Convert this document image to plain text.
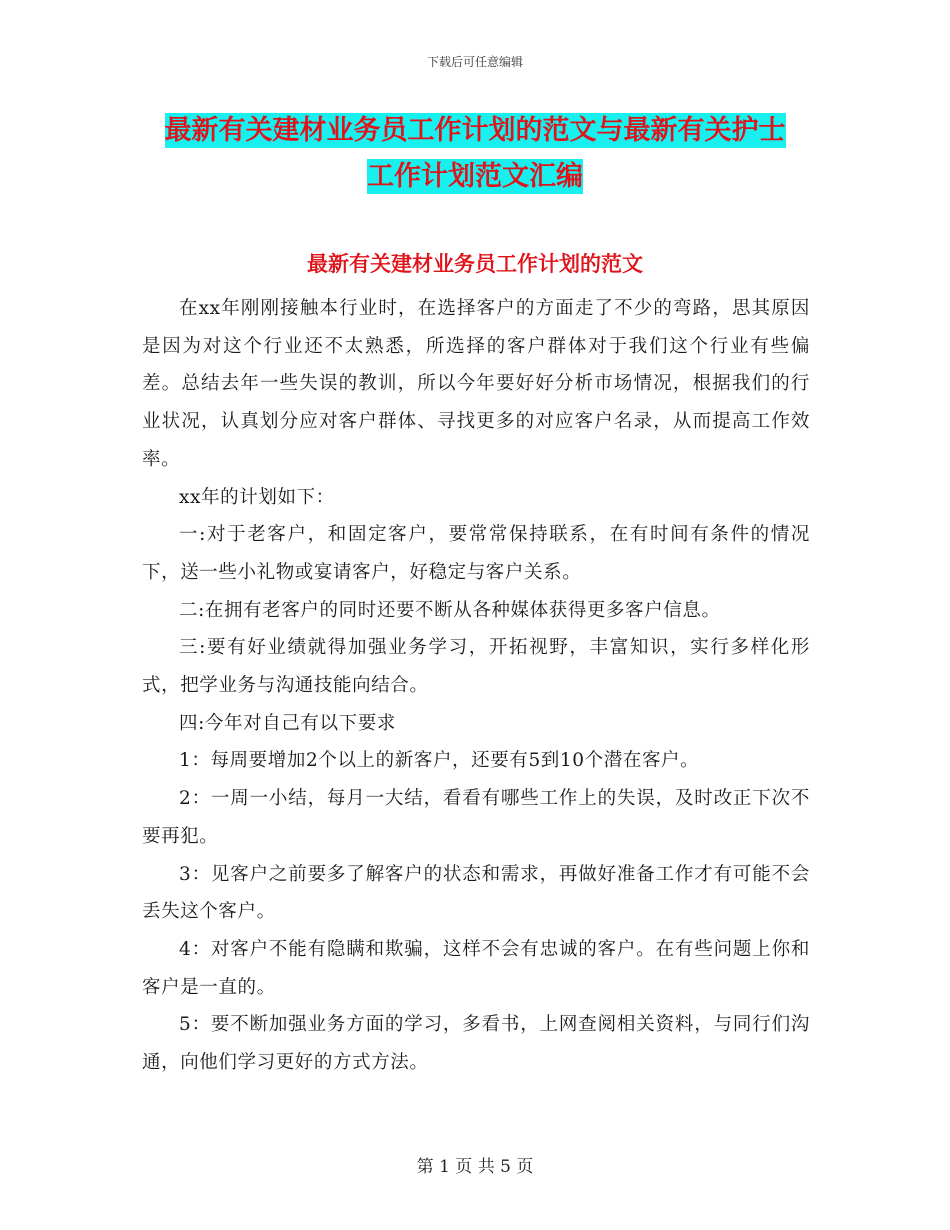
下载后可任意编辑
最新有关建材业务员工作计划的范文与最新有关护士
工作计划范文汇编
最新有关建材业务员工作计划的范文

在xx年刚刚接触本行业时，在选择客户的方面走了不少的弯路，思其原因是因为对这个行业还不太熟悉，所选择的客户群体对于我们这个行业有些偏差。总结去年一些失误的教训，所以今年要好好分析市场情况，根据我们的行业状况，认真划分应对客户群体、寻找更多的对应客户名录，从而提高工作效率。

xx年的计划如下：

一:对于老客户，和固定客户，要常常保持联系，在有时间有条件的情况下，送一些小礼物或宴请客户，好稳定与客户关系。

二:在拥有老客户的同时还要不断从各种媒体获得更多客户信息。

三:要有好业绩就得加强业务学习，开拓视野，丰富知识，实行多样化形式，把学业务与沟通技能向结合。

四:今年对自己有以下要求

1：每周要增加2个以上的新客户，还要有5到10个潜在客户。

2：一周一小结，每月一大结，看看有哪些工作上的失误，及时改正下次不要再犯。

3：见客户之前要多了解客户的状态和需求，再做好准备工作才有可能不会丢失这个客户。

4：对客户不能有隐瞒和欺骗，这样不会有忠诚的客户。在有些问题上你和客户是一直的。

5：要不断加强业务方面的学习，多看书，上网查阅相关资料，与同行们沟通，向他们学习更好的方式方法。

第 1 页 共 5 页
